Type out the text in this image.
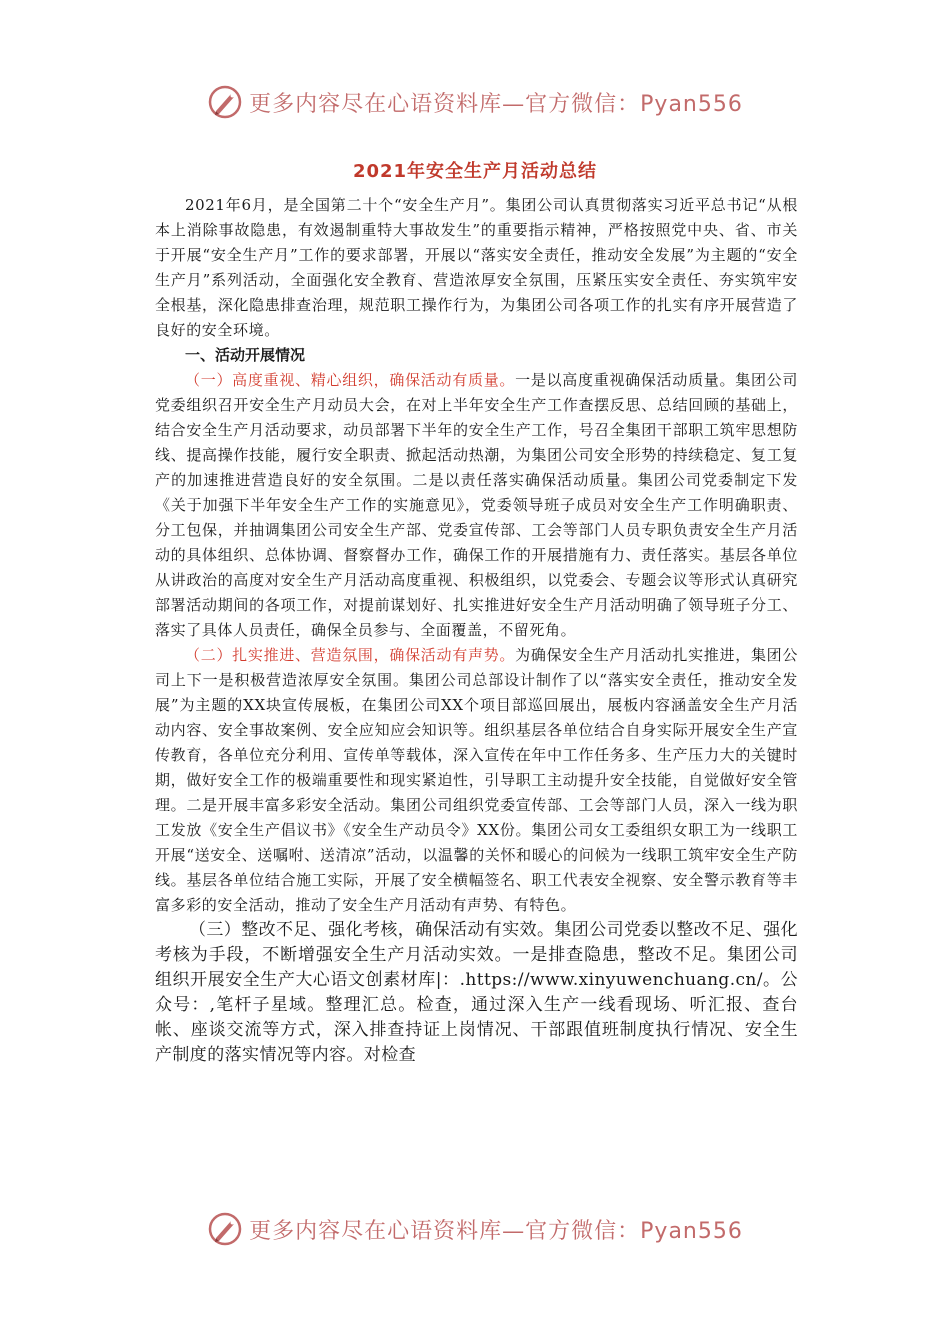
更多内容尽在心语资料库—官方微信：Pyan556
2021年安全生产月活动总结

2021年6月，是全国第二十个“安全生产月”。集团公司认真贯彻落实习近平总书记“从根本上消除事故隐患，有效遏制重特大事故发生”的重要指示精神，严格按照党中央、省、市关于开展“安全生产月”工作的要求部署，开展以“落实安全责任，推动安全发展”为主题的“安全生产月”系列活动，全面强化安全教育、营造浓厚安全氛围，压紧压实安全责任、夯实筑牢安全根基，深化隐患排查治理，规范职工操作行为，为集团公司各项工作的扎实有序开展营造了良好的安全环境。

一、活动开展情况

（一）高度重视、精心组织，确保活动有质量。一是以高度重视确保活动质量。集团公司党委组织召开安全生产月动员大会，在对上半年安全生产工作查摆反思、总结回顾的基础上，结合安全生产月活动要求，动员部署下半年的安全生产工作，号召全集团干部职工筑牢思想防线、提高操作技能，履行安全职责、掀起活动热潮，为集团公司安全形势的持续稳定、复工复产的加速推进营造良好的安全氛围。二是以责任落实确保活动质量。集团公司党委制定下发《关于加强下半年安全生产工作的实施意见》，党委领导班子成员对安全生产工作明确职责、分工包保，并抽调集团公司安全生产部、党委宣传部、工会等部门人员专职负责安全生产月活动的具体组织、总体协调、督察督办工作，确保工作的开展措施有力、责任落实。基层各单位从讲政治的高度对安全生产月活动高度重视、积极组织，以党委会、专题会议等形式认真研究部署活动期间的各项工作，对提前谋划好、扎实推进好安全生产月活动明确了领导班子分工、落实了具体人员责任，确保全员参与、全面覆盖，不留死角。

（二）扎实推进、营造氛围，确保活动有声势。为确保安全生产月活动扎实推进，集团公司上下一是积极营造浓厚安全氛围。集团公司总部设计制作了以“落实安全责任，推动安全发展”为主题的XX块宣传展板，在集团公司XX个项目部巡回展出，展板内容涵盖安全生产月活动内容、安全事故案例、安全应知应会知识等。组织基层各单位结合自身实际开展安全生产宣传教育，各单位充分利用、宣传单等载体，深入宣传在年中工作任务多、生产压力大的关键时期，做好安全工作的极端重要性和现实紧迫性，引导职工主动提升安全技能，自觉做好安全管理。二是开展丰富多彩安全活动。集团公司组织党委宣传部、工会等部门人员，深入一线为职工发放《安全生产倡议书》《安全生产动员令》XX份。集团公司女工委组织女职工为一线职工开展“送安全、送嘱咐、送清凉”活动，以温馨的关怀和暖心的问候为一线职工筑牢安全生产防线。基层各单位结合施工实际，开展了安全横幅签名、职工代表安全视察、安全警示教育等丰富多彩的安全活动，推动了安全生产月活动有声势、有特色。

（三）整改不足、强化考核，确保活动有实效。集团公司党委以整改不足、强化考核为手段，不断增强安全生产月活动实效。一是排查隐患，整改不足。集团公司组织开展安全生产大心语文创素材库|：.https://www.xinyuwenchuang.cn/。公众号：,笔杆子星域。整理汇总。检查，通过深入生产一线看现场、听汇报、查台帐、座谈交流等方式，深入排查持证上岗情况、干部跟值班制度执行情况、安全生产制度的落实情况等内容。对检查

更多内容尽在心语资料库—官方微信：Pyan556
